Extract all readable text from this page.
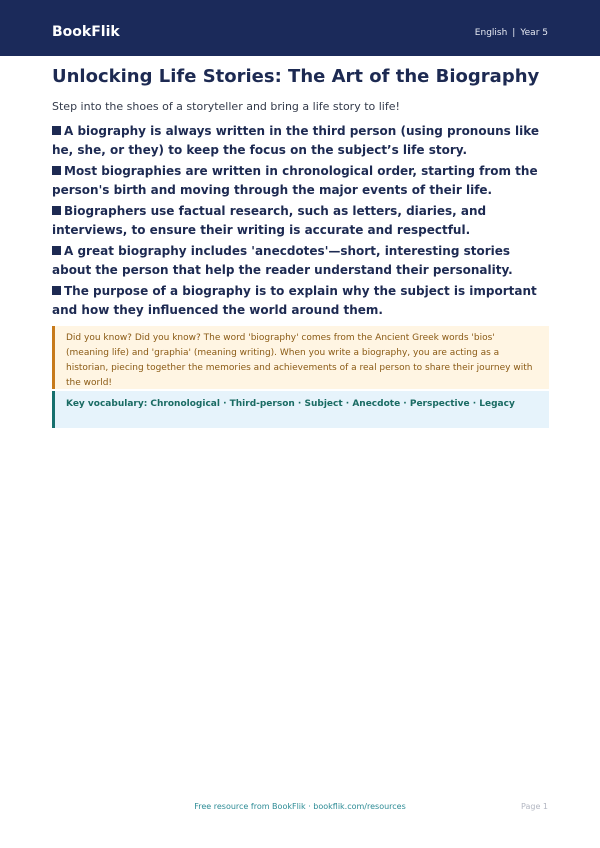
BookFlik	English | Year 5
Unlocking Life Stories: The Art of the Biography

Step into the shoes of a storyteller and bring a life story to life!

A biography is always written in the third person (using pronouns like he, she, or they) to keep the focus on the subject’s life story.
Most biographies are written in chronological order, starting from the person's birth and moving through the major events of their life.
Biographers use factual research, such as letters, diaries, and interviews, to ensure their writing is accurate and respectful.
A great biography includes 'anecdotes'—short, interesting stories about the person that help the reader understand their personality.
The purpose of a biography is to explain why the subject is important and how they influenced the world around them.
Did you know? Did you know? The word 'biography' comes from the Ancient Greek words 'bios' (meaning life) and 'graphia' (meaning writing). When you write a biography, you are acting as a historian, piecing together the memories and achievements of a real person to share their journey with the world!
Key vocabulary: Chronological · Third-person · Subject · Anecdote · Perspective · Legacy
Free resource from BookFlik · bookflik.com/resources	Page 1
